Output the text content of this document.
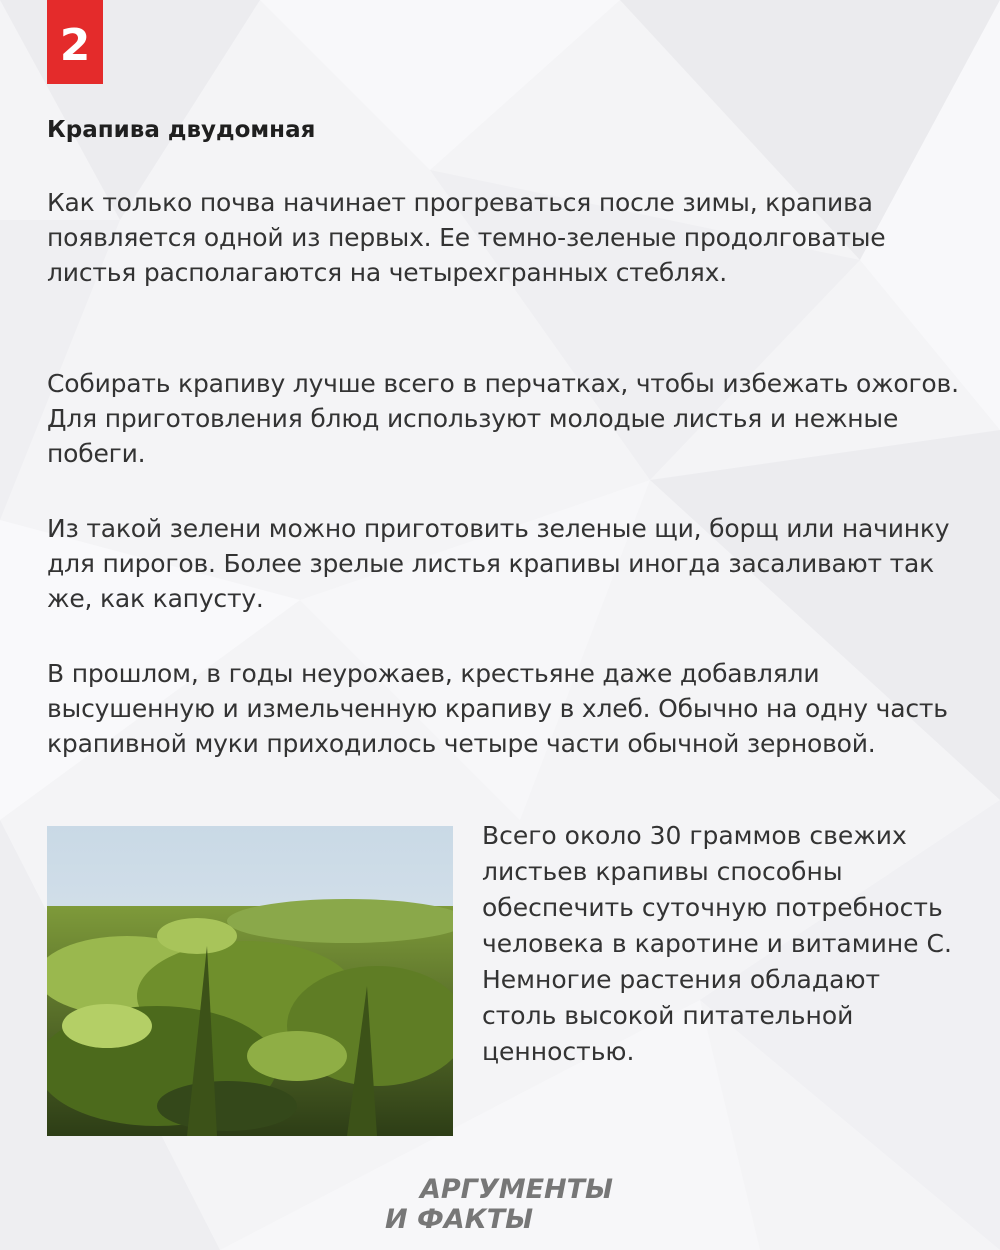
2
Крапива двудомная

Как только почва начинает прогреваться после зимы, крапива появляется одной из первых. Ее темно-зеленые продолговатые листья располагаются на четырехгранных стеблях.

Собирать крапиву лучше всего в перчатках, чтобы избежать ожогов. Для приготовления блюд используют молодые листья и нежные побеги.

Из такой зелени можно приготовить зеленые щи, борщ или начинку для пирогов. Более зрелые листья крапивы иногда засаливают так же, как капусту.

В прошлом, в годы неурожаев, крестьяне даже добавляли высушенную и измельченную крапиву в хлеб. Обычно на одну часть крапивной муки приходилось четыре части обычной зерновой.

Всего около 30 граммов свежих листьев крапивы способны обеспечить суточную потребность человека в каротине и витамине С. Немногие растения обладают столь высокой питательной ценностью.

АРГУМЕНТЫ
И ФАКТЫ
